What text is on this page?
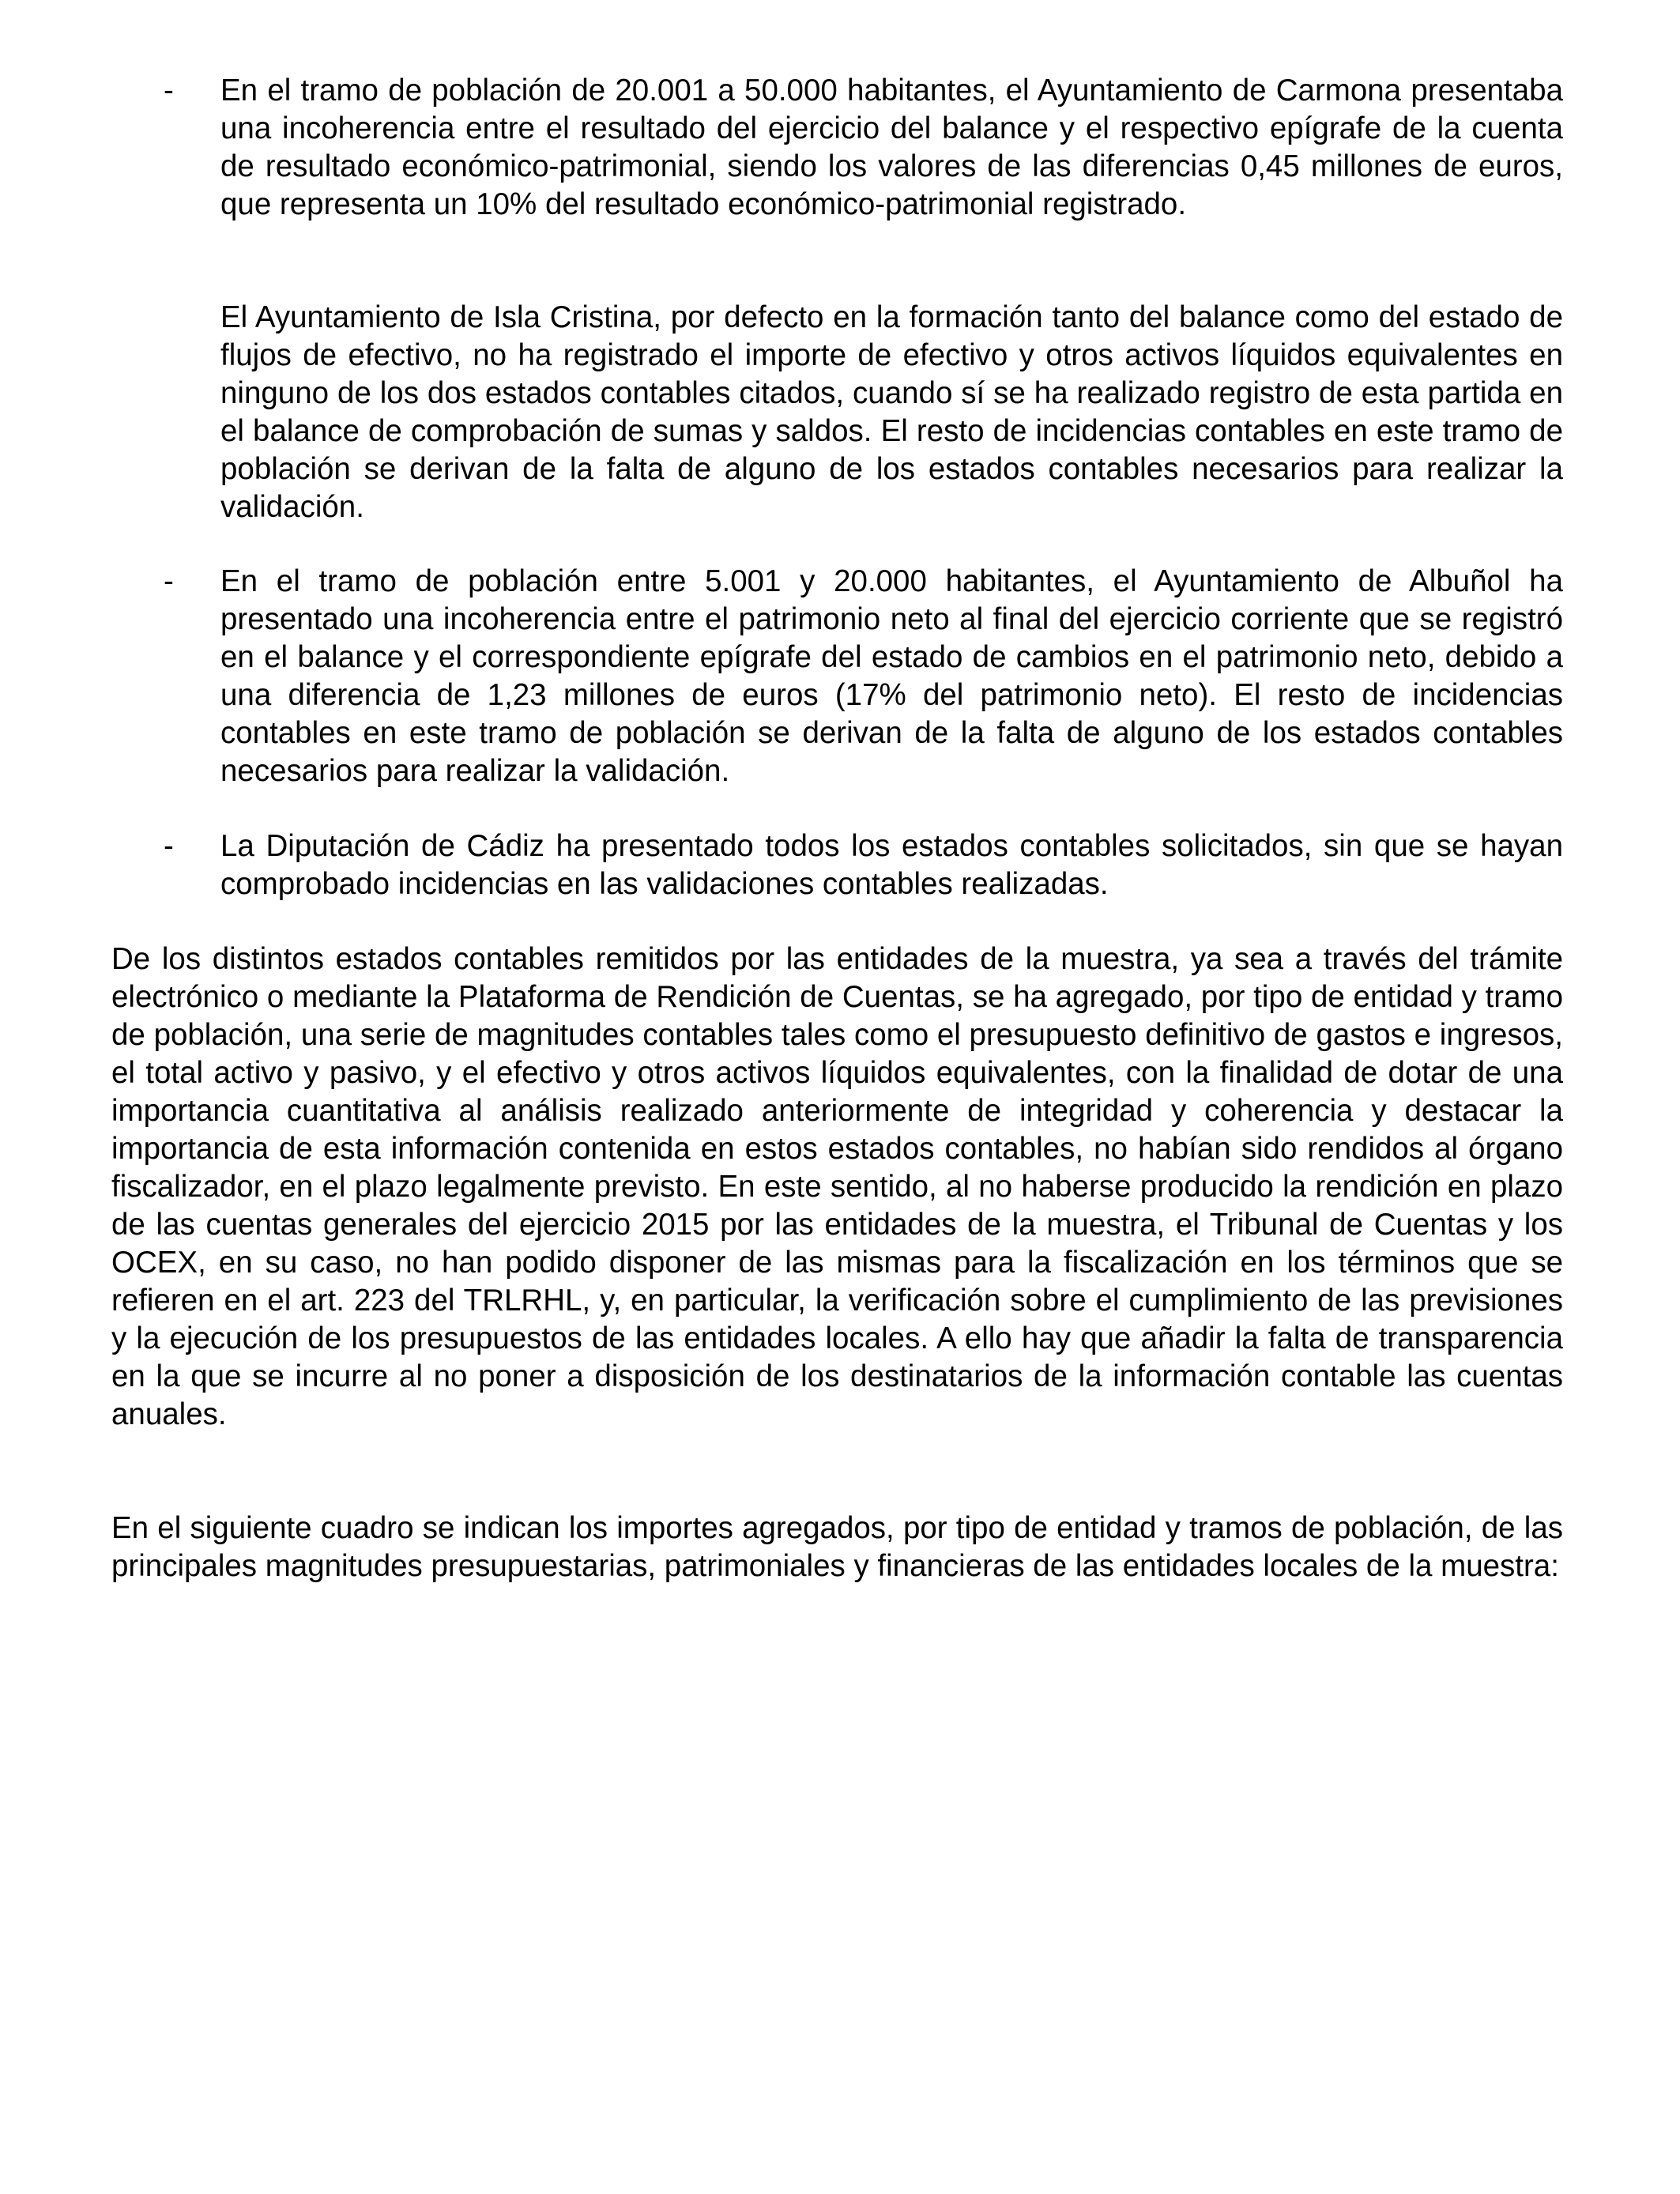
- En el tramo de población de 20.001 a 50.000 habitantes, el Ayuntamiento de Carmona presentaba una incoherencia entre el resultado del ejercicio del balance y el respectivo epígrafe de la cuenta de resultado económico-patrimonial, siendo los valores de las diferencias 0,45 millones de euros, que representa un 10% del resultado económico-patrimonial registrado.

El Ayuntamiento de Isla Cristina, por defecto en la formación tanto del balance como del estado de flujos de efectivo, no ha registrado el importe de efectivo y otros activos líquidos equivalentes en ninguno de los dos estados contables citados, cuando sí se ha realizado registro de esta partida en el balance de comprobación de sumas y saldos. El resto de incidencias contables en este tramo de población se derivan de la falta de alguno de los estados contables necesarios para realizar la validación.

- En el tramo de población entre 5.001 y 20.000 habitantes, el Ayuntamiento de Albuñol ha presentado una incoherencia entre el patrimonio neto al final del ejercicio corriente que se registró en el balance y el correspondiente epígrafe del estado de cambios en el patrimonio neto, debido a una diferencia de 1,23 millones de euros (17% del patrimonio neto). El resto de incidencias contables en este tramo de población se derivan de la falta de alguno de los estados contables necesarios para realizar la validación.

- La Diputación de Cádiz ha presentado todos los estados contables solicitados, sin que se hayan comprobado incidencias en las validaciones contables realizadas.

De los distintos estados contables remitidos por las entidades de la muestra, ya sea a través del trámite electrónico o mediante la Plataforma de Rendición de Cuentas, se ha agregado, por tipo de entidad y tramo de población, una serie de magnitudes contables tales como el presupuesto definitivo de gastos e ingresos, el total activo y pasivo, y el efectivo y otros activos líquidos equivalentes, con la finalidad de dotar de una importancia cuantitativa al análisis realizado anteriormente de integridad y coherencia y destacar la importancia de esta información contenida en estos estados contables, no habían sido rendidos al órgano fiscalizador, en el plazo legalmente previsto. En este sentido, al no haberse producido la rendición en plazo de las cuentas generales del ejercicio 2015 por las entidades de la muestra, el Tribunal de Cuentas y los OCEX, en su caso, no han podido disponer de las mismas para la fiscalización en los términos que se refieren en el art. 223 del TRLRHL, y, en particular, la verificación sobre el cumplimiento de las previsiones y la ejecución de los presupuestos de las entidades locales. A ello hay que añadir la falta de transparencia en la que se incurre al no poner a disposición de los destinatarios de la información contable las cuentas anuales.

En el siguiente cuadro se indican los importes agregados, por tipo de entidad y tramos de población, de las principales magnitudes presupuestarias, patrimoniales y financieras de las entidades locales de la muestra:
